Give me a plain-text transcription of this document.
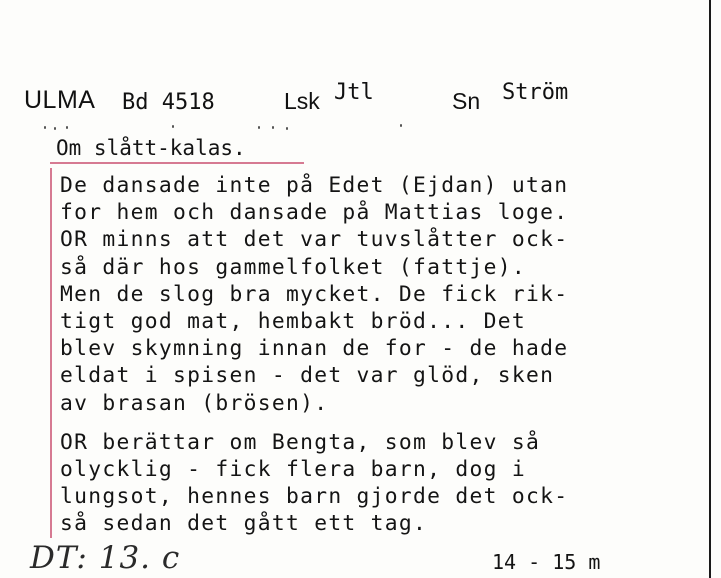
ULMA Bd 4518	Lsk Jtl	Sn Ström
Om slått-kalas.
De dansade inte på Edet (Ejdan) utan
for hem och dansade på Mattias loge.
OR minns att det var tuvslåtter ock-
så där hos gammelfolket (fattje).
Men de slog bra mycket. De fick rik-
tigt god mat, hembakt bröd... Det
blev skymning innan de for - de hade
eldat i spisen - det var glöd, sken
av brasan (brösen).
OR berättar om Bengta, som blev så
olycklig - fick flera barn, dog i
lungsot, hennes barn gjorde det ock-
så sedan det gått ett tag.
DT: 13. c	14 - 15 m
